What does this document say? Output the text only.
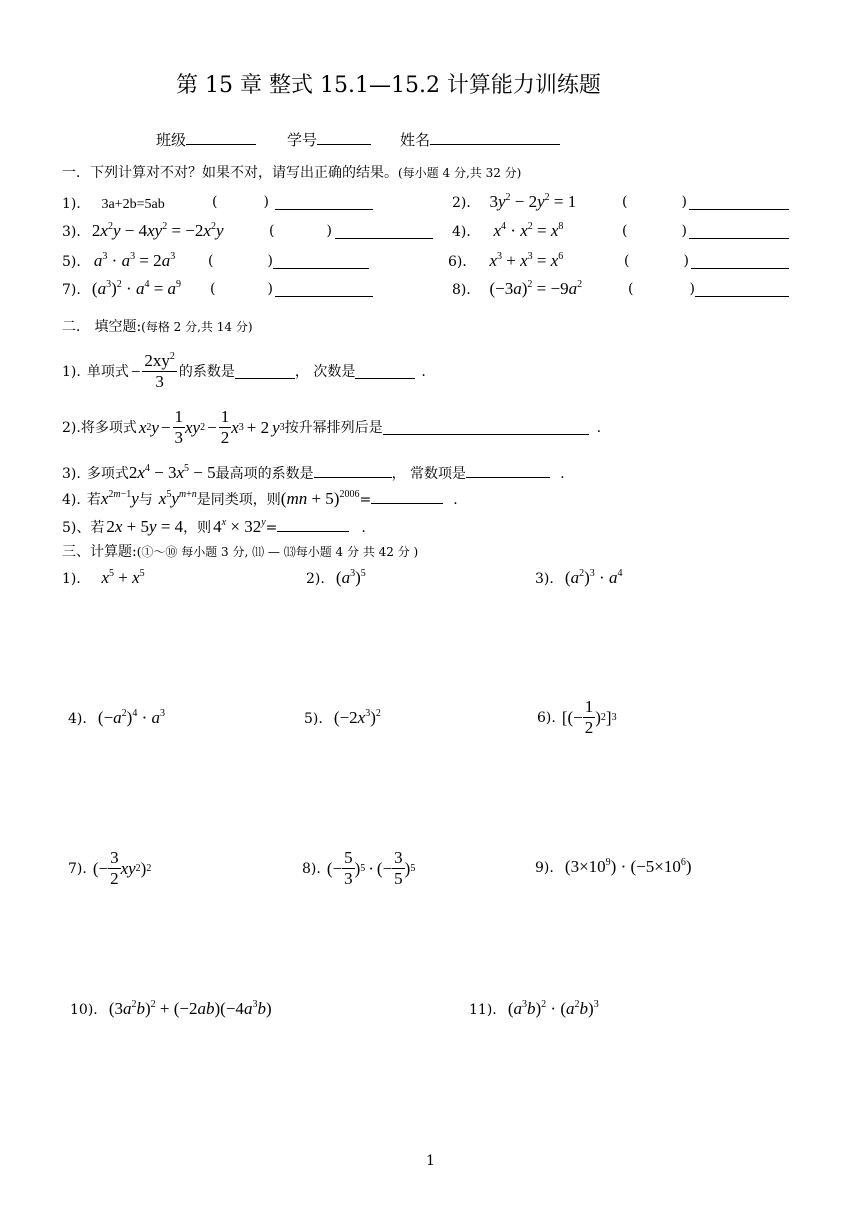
第 15 章 整式 15.1—15.2 计算能力训练题
班级	学号	姓名
一．下列计算对不对？如果不对，请写出正确的结果。(每小题 4 分,共 32 分)
1)． 3a+2b=5ab	(	)	2)． $3y^2 - 2y^2 = 1$	(	)
3). $2x^2y - 4xy^2 = -2x^2y$	(	)	4)． $x^4 \cdot x^2 = x^8$	(	)
5). $a^3 \cdot a^3 = 2a^3$ (	)	6)． $x^3 + x^3 = x^6$	(	)
7). $(a^3)^2 \cdot a^4 = a^9$ (	)	8)． $(-3a)^2 = -9a^2$	(	)
二． 填空题:(每格 2 分,共 14 分)
1). 单项式 − $\frac{2xy^2}{3}$ 的系数是	， 次数是	.
2). 将多项式 x 2 $y - \frac{1}{3}$ xy $2 - \frac{1}{2}$ x 3 + 2 y 3 按升幂排列后是	.
3). 多项式 $2x^4 - 3x^5 - 5$ 最高项的系数是	， 常数项是	.
4). 若 $x^{2m-1}y$ 与 $x^5y^{m+n}$ 是同类项，则 (mn + 5)$^{2006}$ =	.
5)、 若 2x + 5y = 4 ，则 $4^x \times 32^y$ =	.
三、计算题:(①～⑩ 每小题 3 分, ⑾ — ⒀每小题 4 分 共 42 分 )
1)． $x^5 + x^5$	2). $(a^3)^5$	3). $(a^2)^3 \cdot a^4$
4). $(-a^2)^4 \cdot a^3$	5). $(-2x^3)^2$	6). [(− $\frac{1}{2}$ ) 2 ] 3
7). (− $\frac{3}{2}$ xy 2 ) 2	8). (− $\frac{5}{3}$ ) 5 · (− $\frac{3}{5}$ ) 5	9). $(3\times 10^9) \cdot (-5\times 10^6)$
10). $(3a^2b)^2 + (-2ab)(-4a^3b)$	11). $(a^3b)^2 \cdot (a^2b)^3$
1
